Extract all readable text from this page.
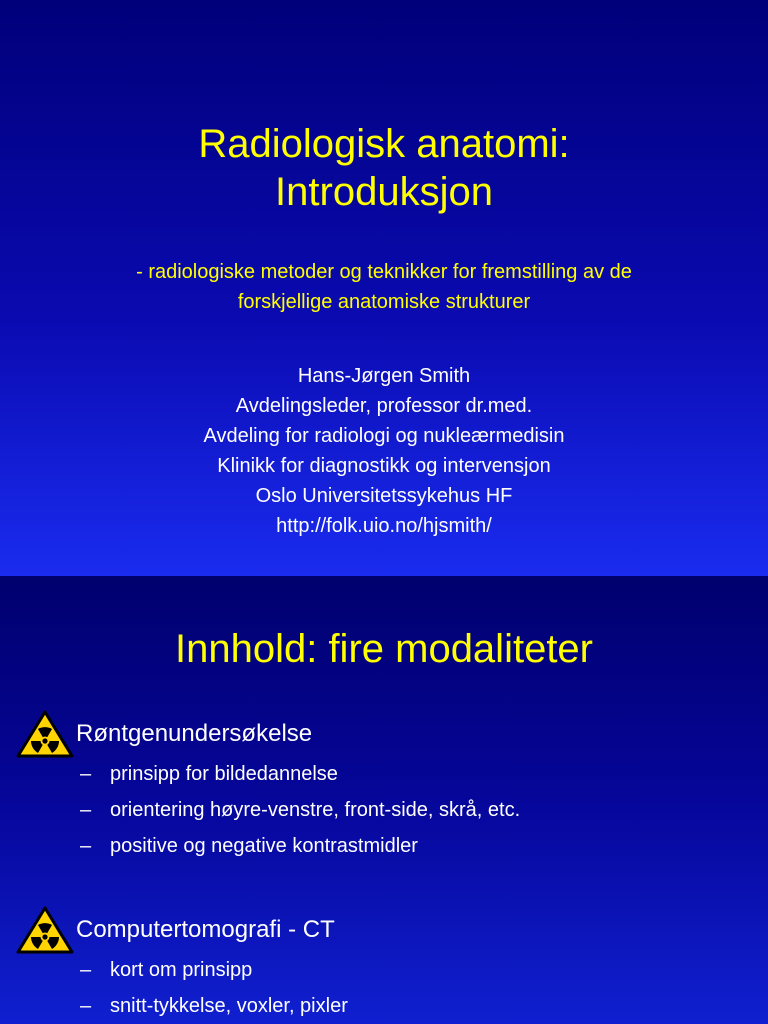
Radiologisk anatomi:
Introduksjon
- radiologiske metoder og teknikker for fremstilling av de
forskjellige anatomiske strukturer
Hans-Jørgen Smith
Avdelingsleder, professor dr.med.
Avdeling for radiologi og nukleærmedisin
Klinikk for diagnostikk og intervensjon
Oslo Universitetssykehus HF
http://folk.uio.no/hjsmith/
Innhold: fire modaliteter
Røntgenundersøkelse
– prinsipp for bildedannelse
– orientering høyre-venstre, front-side, skrå, etc.
– positive og negative kontrastmidler
Computertomografi - CT
– kort om prinsipp
– snitt-tykkelse, voxler, pixler
